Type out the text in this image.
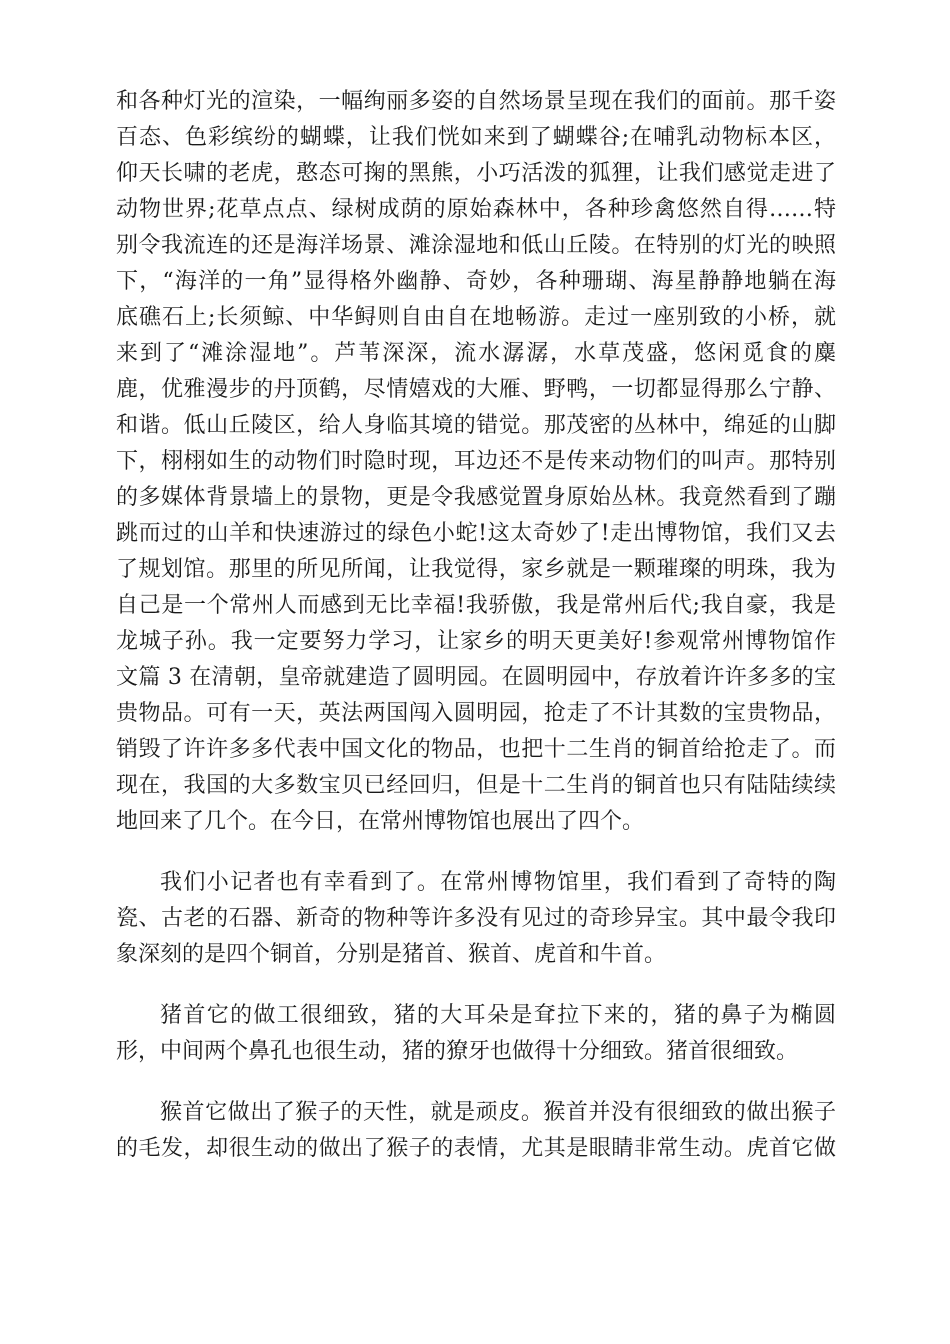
和各种灯光的渲染，一幅绚丽多姿的自然场景呈现在我们的面前。那千姿
百态、色彩缤纷的蝴蝶，让我们恍如来到了蝴蝶谷;在哺乳动物标本区，
仰天长啸的老虎，憨态可掬的黑熊，小巧活泼的狐狸，让我们感觉走进了
动物世界;花草点点、绿树成荫的原始森林中，各种珍禽悠然自得……特
别令我流连的还是海洋场景、滩涂湿地和低山丘陵。在特别的灯光的映照
下，“海洋的一角”显得格外幽静、奇妙，各种珊瑚、海星静静地躺在海
底礁石上;长须鲸、中华鲟则自由自在地畅游。走过一座别致的小桥，就
来到了“滩涂湿地”。芦苇深深，流水潺潺，水草茂盛，悠闲觅食的麋
鹿，优雅漫步的丹顶鹤，尽情嬉戏的大雁、野鸭，一切都显得那么宁静、
和谐。低山丘陵区，给人身临其境的错觉。那茂密的丛林中，绵延的山脚
下，栩栩如生的动物们时隐时现，耳边还不是传来动物们的叫声。那特别
的多媒体背景墙上的景物，更是令我感觉置身原始丛林。我竟然看到了蹦
跳而过的山羊和快速游过的绿色小蛇!这太奇妙了!走出博物馆，我们又去
了规划馆。那里的所见所闻，让我觉得，家乡就是一颗璀璨的明珠，我为
自己是一个常州人而感到无比幸福!我骄傲，我是常州后代;我自豪，我是
龙城子孙。我一定要努力学习，让家乡的明天更美好!参观常州博物馆作
文篇 3 在清朝，皇帝就建造了圆明园。在圆明园中，存放着许许多多的宝
贵物品。可有一天，英法两国闯入圆明园，抢走了不计其数的宝贵物品，
销毁了许许多多代表中国文化的物品，也把十二生肖的铜首给抢走了。而
现在，我国的大多数宝贝已经回归，但是十二生肖的铜首也只有陆陆续续
地回来了几个。在今日，在常州博物馆也展出了四个。
我们小记者也有幸看到了。在常州博物馆里，我们看到了奇特的陶
瓷、古老的石器、新奇的物种等许多没有见过的奇珍异宝。其中最令我印
象深刻的是四个铜首，分别是猪首、猴首、虎首和牛首。
猪首它的做工很细致，猪的大耳朵是耷拉下来的，猪的鼻子为椭圆
形，中间两个鼻孔也很生动，猪的獠牙也做得十分细致。猪首很细致。
猴首它做出了猴子的天性，就是顽皮。猴首并没有很细致的做出猴子
的毛发，却很生动的做出了猴子的表情，尤其是眼睛非常生动。虎首它做
